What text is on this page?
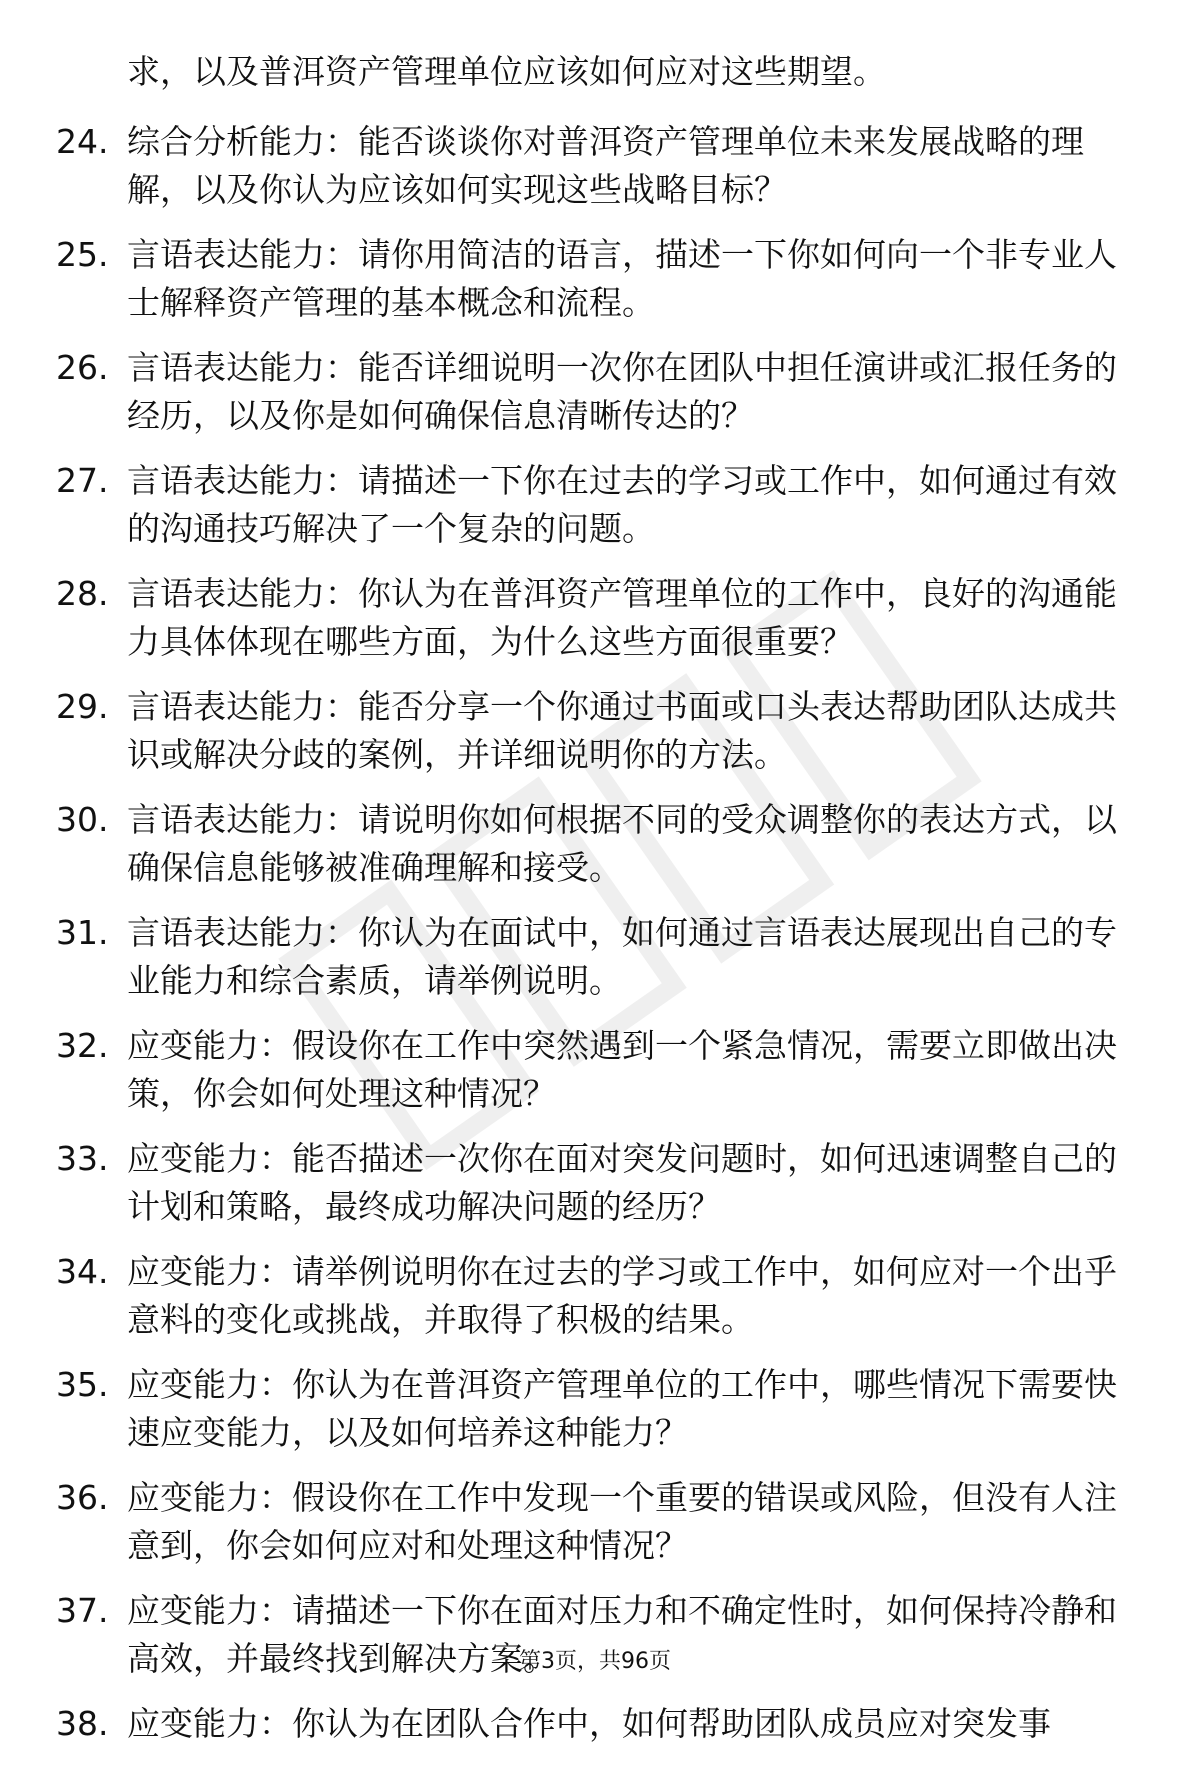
求，以及普洱资产管理单位应该如何应对这些期望。
24. 综合分析能力：能否谈谈你对普洱资产管理单位未来发展战略的理解，以及你认为应该如何实现这些战略目标？
25. 言语表达能力：请你用简洁的语言，描述一下你如何向一个非专业人士解释资产管理的基本概念和流程。
26. 言语表达能力：能否详细说明一次你在团队中担任演讲或汇报任务的经历，以及你是如何确保信息清晰传达的？
27. 言语表达能力：请描述一下你在过去的学习或工作中，如何通过有效的沟通技巧解决了一个复杂的问题。
28. 言语表达能力：你认为在普洱资产管理单位的工作中，良好的沟通能力具体体现在哪些方面，为什么这些方面很重要？
29. 言语表达能力：能否分享一个你通过书面或口头表达帮助团队达成共识或解决分歧的案例，并详细说明你的方法。
30. 言语表达能力：请说明你如何根据不同的受众调整你的表达方式，以确保信息能够被准确理解和接受。
31. 言语表达能力：你认为在面试中，如何通过言语表达展现出自己的专业能力和综合素质，请举例说明。
32. 应变能力：假设你在工作中突然遇到一个紧急情况，需要立即做出决策，你会如何处理这种情况？
33. 应变能力：能否描述一次你在面对突发问题时，如何迅速调整自己的计划和策略，最终成功解决问题的经历？
34. 应变能力：请举例说明你在过去的学习或工作中，如何应对一个出乎意料的变化或挑战，并取得了积极的结果。
35. 应变能力：你认为在普洱资产管理单位的工作中，哪些情况下需要快速应变能力，以及如何培养这种能力？
36. 应变能力：假设你在工作中发现一个重要的错误或风险，但没有人注意到，你会如何应对和处理这种情况？
37. 应变能力：请描述一下你在面对压力和不确定性时，如何保持冷静和高效，并最终找到解决方案。
38. 应变能力：你认为在团队合作中，如何帮助团队成员应对突发事
第3页，共96页
